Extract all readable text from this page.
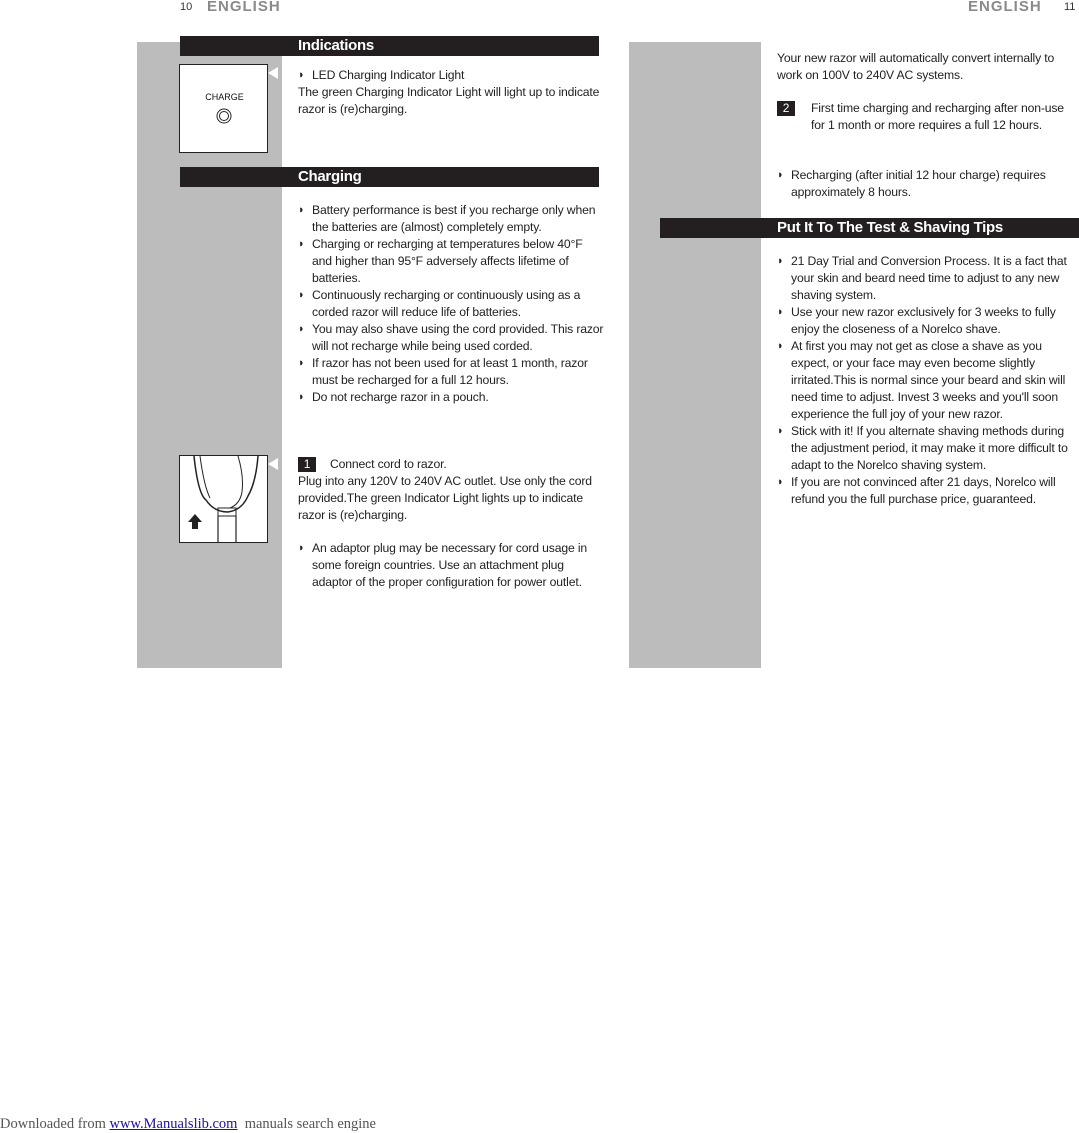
10 ENGLISH	ENGLISH 11
Indications
CHARGE
◗ LED Charging Indicator Light
The green Charging Indicator Light will light up to indicate razor is (re)charging.
Charging
◗ Battery performance is best if you recharge only when the batteries are (almost) completely empty.
◗ Charging or recharging at temperatures below 40°F and higher than 95°F adversely affects lifetime of batteries.
◗ Continuously recharging or continuously using as a corded razor will reduce life of batteries.
◗ You may also shave using the cord provided. This razor will not recharge while being used corded.
◗ If razor has not been used for at least 1 month, razor must be recharged for a full 12 hours.
◗ Do not recharge razor in a pouch.
1 Connect cord to razor.
Plug into any 120V to 240V AC outlet. Use only the cord provided.The green Indicator Light lights up to indicate razor is (re)charging.
◗ An adaptor plug may be necessary for cord usage in some foreign countries. Use an attachment plug adaptor of the proper configuration for power outlet.
Your new razor will automatically convert internally to work on 100V to 240V AC systems.
2	First time charging and recharging after non-use for 1 month or more requires a full 12 hours.
◗ Recharging (after initial 12 hour charge) requires approximately 8 hours.
Put It To The Test & Shaving Tips
◗ 21 Day Trial and Conversion Process. It is a fact that your skin and beard need time to adjust to any new shaving system.
◗ Use your new razor exclusively for 3 weeks to fully enjoy the closeness of a Norelco shave.
◗ At first you may not get as close a shave as you expect, or your face may even become slightly irritated.This is normal since your beard and skin will need time to adjust. Invest 3 weeks and you'll soon experience the full joy of your new razor.
◗ Stick with it! If you alternate shaving methods during the adjustment period, it may make it more difficult to adapt to the Norelco shaving system.
◗ If you are not convinced after 21 days, Norelco will refund you the full purchase price, guaranteed.
Downloaded from www.Manualslib.com manuals search engine
